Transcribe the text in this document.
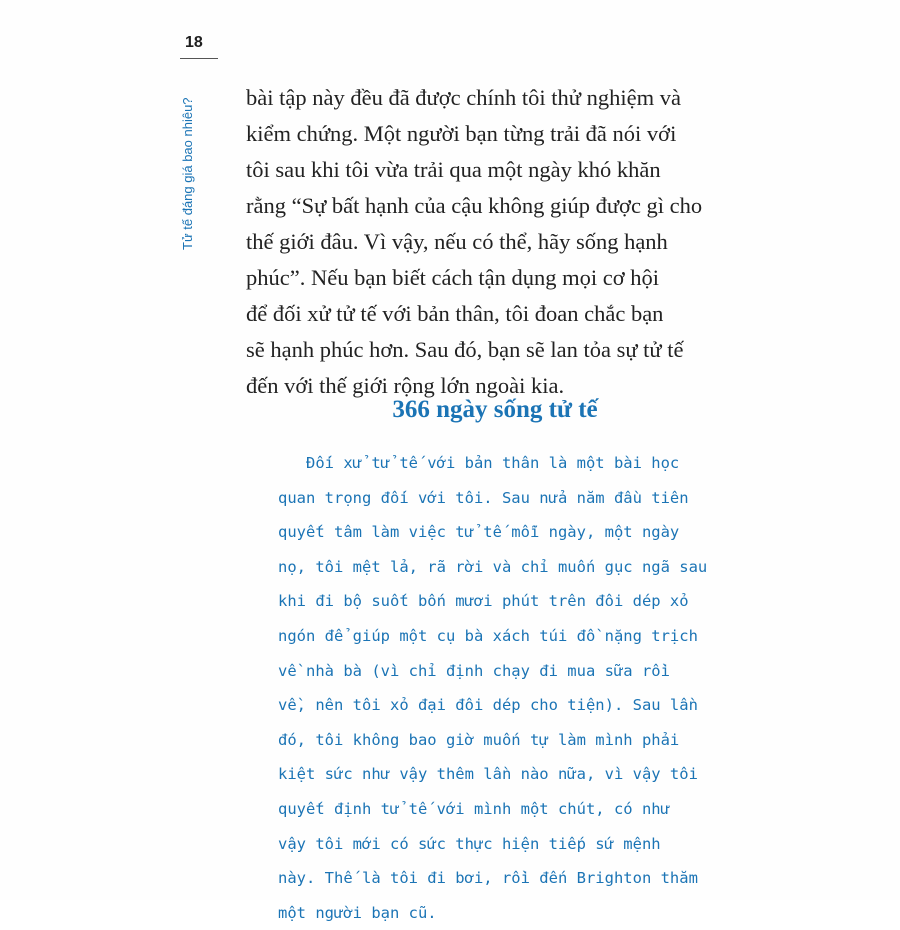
18
Tử tế đáng giá bao nhiêu? bài tập này đều đã được chính tôi thử nghiệm và
kiểm chứng. Một người bạn từng trải đã nói với
tôi sau khi tôi vừa trải qua một ngày khó khăn
rằng “Sự bất hạnh của cậu không giúp được gì cho
thế giới đâu. Vì vậy, nếu có thể, hãy sống hạnh
phúc”. Nếu bạn biết cách tận dụng mọi cơ hội
để đối xử tử tế với bản thân, tôi đoan chắc bạn
sẽ hạnh phúc hơn. Sau đó, bạn sẽ lan tỏa sự tử tế
đến với thế giới rộng lớn ngoài kia.
366 ngày sống tử tế
Đối xử tử tế với bản thân là một bài học
quan trọng đối với tôi. Sau nửa năm đầu tiên
quyết tâm làm việc tử tế mỗi ngày, một ngày
nọ, tôi mệt lả, rã rời và chỉ muốn gục ngã sau
khi đi bộ suốt bốn mươi phút trên đôi dép xỏ
ngón để giúp một cụ bà xách túi đồ nặng trịch
về nhà bà (vì chỉ định chạy đi mua sữa rồi
về, nên tôi xỏ đại đôi dép cho tiện). Sau lần
đó, tôi không bao giờ muốn tự làm mình phải
kiệt sức như vậy thêm lần nào nữa, vì vậy tôi
quyết định tử tế với mình một chút, có như
vậy tôi mới có sức thực hiện tiếp sứ mệnh
này. Thế là tôi đi bơi, rồi đến Brighton thăm
một người bạn cũ.
